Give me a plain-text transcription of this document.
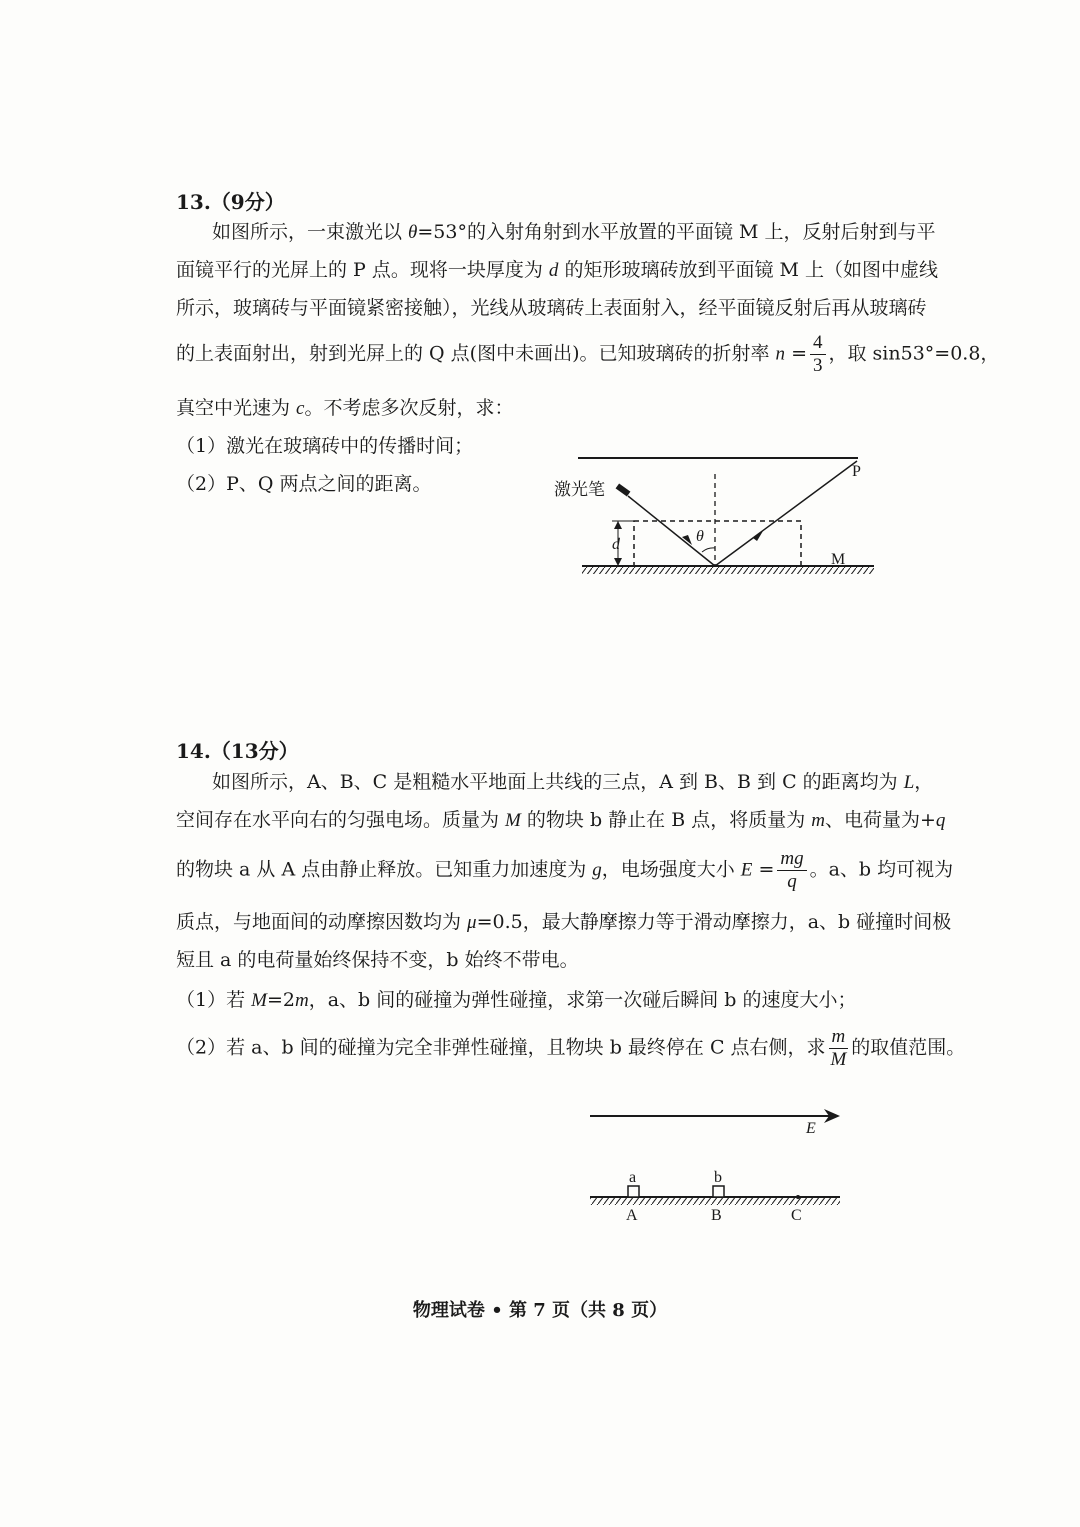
13.（9分）
如图所示，一束激光以 θ=53°的入射角射到水平放置的平面镜 M 上，反射后射到与平
面镜平行的光屏上的 P 点。现将一块厚度为 d 的矩形玻璃砖放到平面镜 M 上（如图中虚线
所示，玻璃砖与平面镜紧密接触），光线从玻璃砖上表面射入，经平面镜反射后再从玻璃砖
的上表面射出，射到光屏上的 Q 点(图中未画出)。已知玻璃砖的折射率 $n = \frac{4}{3}$ ，取 sin53°=0.8，
真空中光速为 c。不考虑多次反射，求：
（1）激光在玻璃砖中的传播时间；
（2）P、Q 两点之间的距离。
θ
d
激光笔
P
M
14.（13分）
如图所示，A、B、C 是粗糙水平地面上共线的三点，A 到 B、B 到 C 的距离均为 L，
空间存在水平向右的匀强电场。质量为 M 的物块 b 静止在 B 点，将质量为 m、电荷量为+q
的物块 a 从 A 点由静止释放。已知重力加速度为 g，电场强度大小 $E = \frac{mg}{q}$ 。a、b 均可视为
质点，与地面间的动摩擦因数均为 μ=0.5，最大静摩擦力等于滑动摩擦力，a、b 碰撞时间极
短且 a 的电荷量始终保持不变，b 始终不带电。
（1）若 M=2m，a、b 间的碰撞为弹性碰撞，求第一次碰后瞬间 b 的速度大小；
（2）若 a、b 间的碰撞为完全非弹性碰撞，且物块 b 最终停在 C 点右侧，求 $\frac{m}{M}$ 的取值范围。
E
a	b
A	B	C
物理试卷 • 第 7 页（共 8 页）
